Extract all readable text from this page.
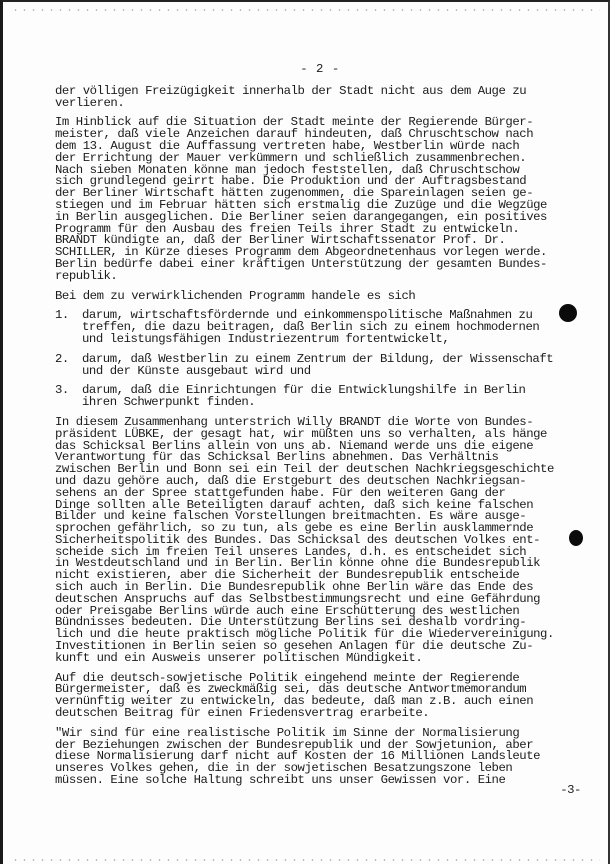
- 2 -
der völligen Freizügigkeit innerhalb der Stadt nicht aus dem Auge zu
verlieren.
Im Hinblick auf die Situation der Stadt meinte der Regierende Bürger-
meister, daß viele Anzeichen darauf hindeuten, daß Chruschtschow nach
dem 13. August die Auffassung vertreten habe, Westberlin würde nach
der Errichtung der Mauer verkümmern und schließlich zusammenbrechen.
Nach sieben Monaten könne man jedoch feststellen, daß Chruschtschow
sich grundlegend geirrt habe. Die Produktion und der Auftragsbestand
der Berliner Wirtschaft hätten zugenommen, die Spareinlagen seien ge-
stiegen und im Februar hätten sich erstmalig die Zuzüge und die Wegzüge
in Berlin ausgeglichen. Die Berliner seien darangegangen, ein positives
Programm für den Ausbau des freien Teils ihrer Stadt zu entwickeln.
BRANDT kündigte an, daß der Berliner Wirtschaftssenator Prof. Dr.
SCHILLER, in Kürze dieses Programm dem Abgeordnetenhaus vorlegen werde.
Berlin bedürfe dabei einer kräftigen Unterstützung der gesamten Bundes-
republik.
Bei dem zu verwirklichenden Programm handele es sich
1.	darum, wirtschaftsfördernde und einkommenspolitische Maßnahmen zu
treffen, die dazu beitragen, daß Berlin sich zu einem hochmodernen
und leistungsfähigen Industriezentrum fortentwickelt,
2.	darum, daß Westberlin zu einem Zentrum der Bildung, der Wissenschaft
und der Künste ausgebaut wird und
3.	darum, daß die Einrichtungen für die Entwicklungshilfe in Berlin
ihren Schwerpunkt finden.
In diesem Zusammenhang unterstrich Willy BRANDT die Worte von Bundes-
präsident LÜBKE, der gesagt hat, wir müßten uns so verhalten, als hänge
das Schicksal Berlins allein von uns ab. Niemand werde uns die eigene
Verantwortung für das Schicksal Berlins abnehmen. Das Verhältnis
zwischen Berlin und Bonn sei ein Teil der deutschen Nachkriegsgeschichte
und dazu gehöre auch, daß die Erstgeburt des deutschen Nachkriegsan-
sehens an der Spree stattgefunden habe. Für den weiteren Gang der
Dinge sollten alle Beteiligten darauf achten, daß sich keine falschen
Bilder und keine falschen Vorstellungen breitmachten. Es wäre ausge-
sprochen gefährlich, so zu tun, als gebe es eine Berlin ausklammernde
Sicherheitspolitik des Bundes. Das Schicksal des deutschen Volkes ent-
scheide sich im freien Teil unseres Landes, d.h. es entscheidet sich
in Westdeutschland und in Berlin. Berlin könne ohne die Bundesrepublik
nicht existieren, aber die Sicherheit der Bundesrepublik entscheide
sich auch in Berlin. Die Bundesrepublik ohne Berlin wäre das Ende des
deutschen Anspruchs auf das Selbstbestimmungsrecht und eine Gefährdung
oder Preisgabe Berlins würde auch eine Erschütterung des westlichen
Bündnisses bedeuten. Die Unterstützung Berlins sei deshalb vordring-
lich und die heute praktisch mögliche Politik für die Wiedervereinigung.
Investitionen in Berlin seien so gesehen Anlagen für die deutsche Zu-
kunft und ein Ausweis unserer politischen Mündigkeit.
Auf die deutsch-sowjetische Politik eingehend meinte der Regierende
Bürgermeister, daß es zweckmäßig sei, das deutsche Antwortmemorandum
vernünftig weiter zu entwickeln, das bedeute, daß man z.B. auch einen
deutschen Beitrag für einen Friedensvertrag erarbeite.
"Wir sind für eine realistische Politik im Sinne der Normalisierung
der Beziehungen zwischen der Bundesrepublik und der Sowjetunion, aber
diese Normalisierung darf nicht auf Kosten der 16 Millionen Landsleute
unseres Volkes gehen, die in der sowjetischen Besatzungszone leben
müssen. Eine solche Haltung schreibt uns unser Gewissen vor. Eine
-3-
